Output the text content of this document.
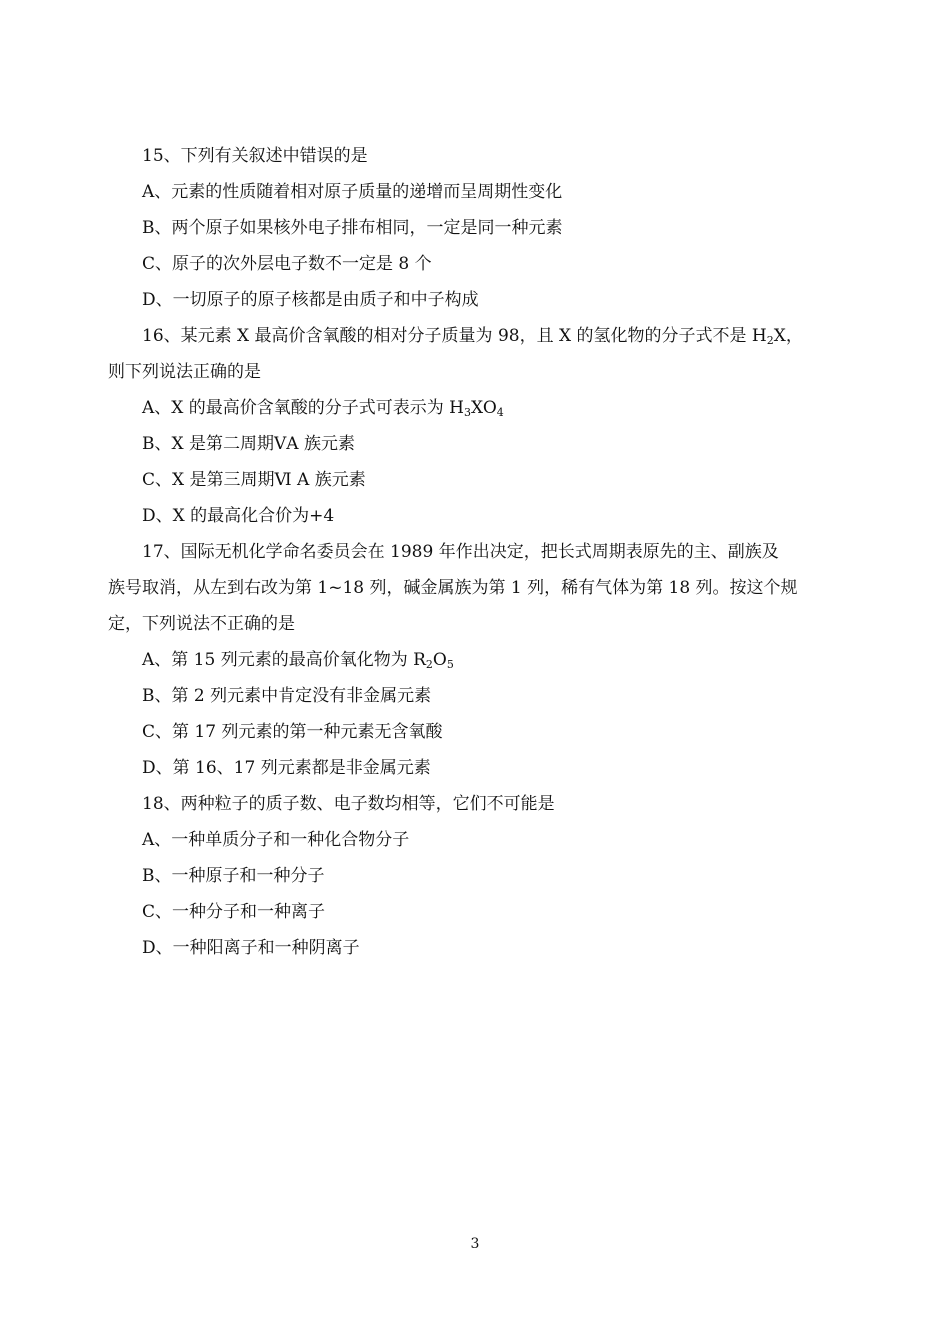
15、下列有关叙述中错误的是
A、元素的性质随着相对原子质量的递增而呈周期性变化
B、两个原子如果核外电子排布相同，一定是同一种元素
C、原子的次外层电子数不一定是 8 个
D、一切原子的原子核都是由质子和中子构成
16、某元素 X 最高价含氧酸的相对分子质量为 98，且 X 的氢化物的分子式不是 $H_2X$，
则下列说法正确的是
A、X 的最高价含氧酸的分子式可表示为 $H_3XO_4$
B、X 是第二周期ⅤA 族元素
C、X 是第三周期Ⅵ A 族元素
D、X 的最高化合价为+4
17、国际无机化学命名委员会在 1989 年作出决定，把长式周期表原先的主、副族及
族号取消，从左到右改为第 1~18 列，碱金属族为第 1 列，稀有气体为第 18 列。按这个规
定，下列说法不正确的是
A、第 15 列元素的最高价氧化物为 $R_2O_5$
B、第 2 列元素中肯定没有非金属元素
C、第 17 列元素的第一种元素无含氧酸
D、第 16、17 列元素都是非金属元素
18、两种粒子的质子数、电子数均相等，它们不可能是
A、一种单质分子和一种化合物分子
B、一种原子和一种分子
C、一种分子和一种离子
D、一种阳离子和一种阴离子
3
